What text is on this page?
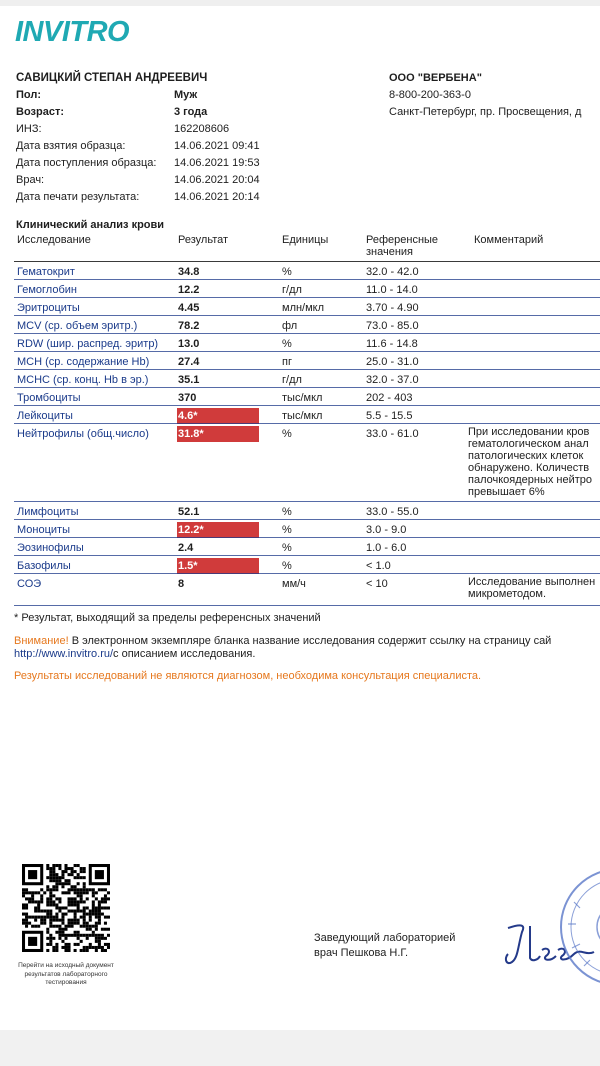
INVITRO
САВИЦКИЙ СТЕПАН АНДРЕЕВИЧ
Пол:	Муж
Возраст:	3 года
ИНЗ:	162208606
Дата взятия образца:	14.06.2021 09:41
Дата поступления образца: 14.06.2021 19:53
Врач:	14.06.2021 20:04
Дата печати результата:	14.06.2021 20:14
ООО "ВЕРБЕНА"
8-800-200-363-0
Санкт-Петербург, пр. Просвещения, д
Клинический анализ крови
Исследование	Результат	Единицы	Референсные
значения
Комментарий
Гематокрит	34.8	%	32.0 - 42.0
Гемоглобин	12.2	г/дл	11.0 - 14.0
Эритроциты	4.45	млн/мкл	3.70 - 4.90
MCV (ср. объем эритр.)	78.2	фл	73.0 - 85.0
RDW (шир. распред. эритр) 13.0	%	11.6 - 14.8
MCH (ср. содержание Hb)	27.4	пг	25.0 - 31.0
MCHC (ср. конц. Hb в эр.)	35.1	г/дл	32.0 - 37.0
Тромбоциты	370	тыс/мкл	202 - 403
Лейкоциты	4.6*	тыс/мкл	5.5 - 15.5
Нейтрофилы (общ.число)	31.8*	%	33.0 - 61.0	При исследовании кров гематологическом анал патологических клеток обнаружено. Количеств палочкоядерных нейтро превышает 6%
Лимфоциты	52.1	%	33.0 - 55.0
Моноциты	12.2*	%	3.0 - 9.0
Эозинофилы	2.4	%	1.0 - 6.0
Базофилы	1.5*	%	< 1.0
СОЭ	8	мм/ч	< 10	Исследование выполнен микрометодом.
* Результат, выходящий за пределы референсных значений
Внимание! В электронном экземпляре бланка название исследования содержит ссылку на страницу сай
http://www.invitro.ru/с описанием исследования.
Результаты исследований не являются диагнозом, необходима консультация специалиста.
Перейти на исходный документ результатов лабораторного тестирования
Заведующий лабораторией
врач Пешкова Н.Г.
